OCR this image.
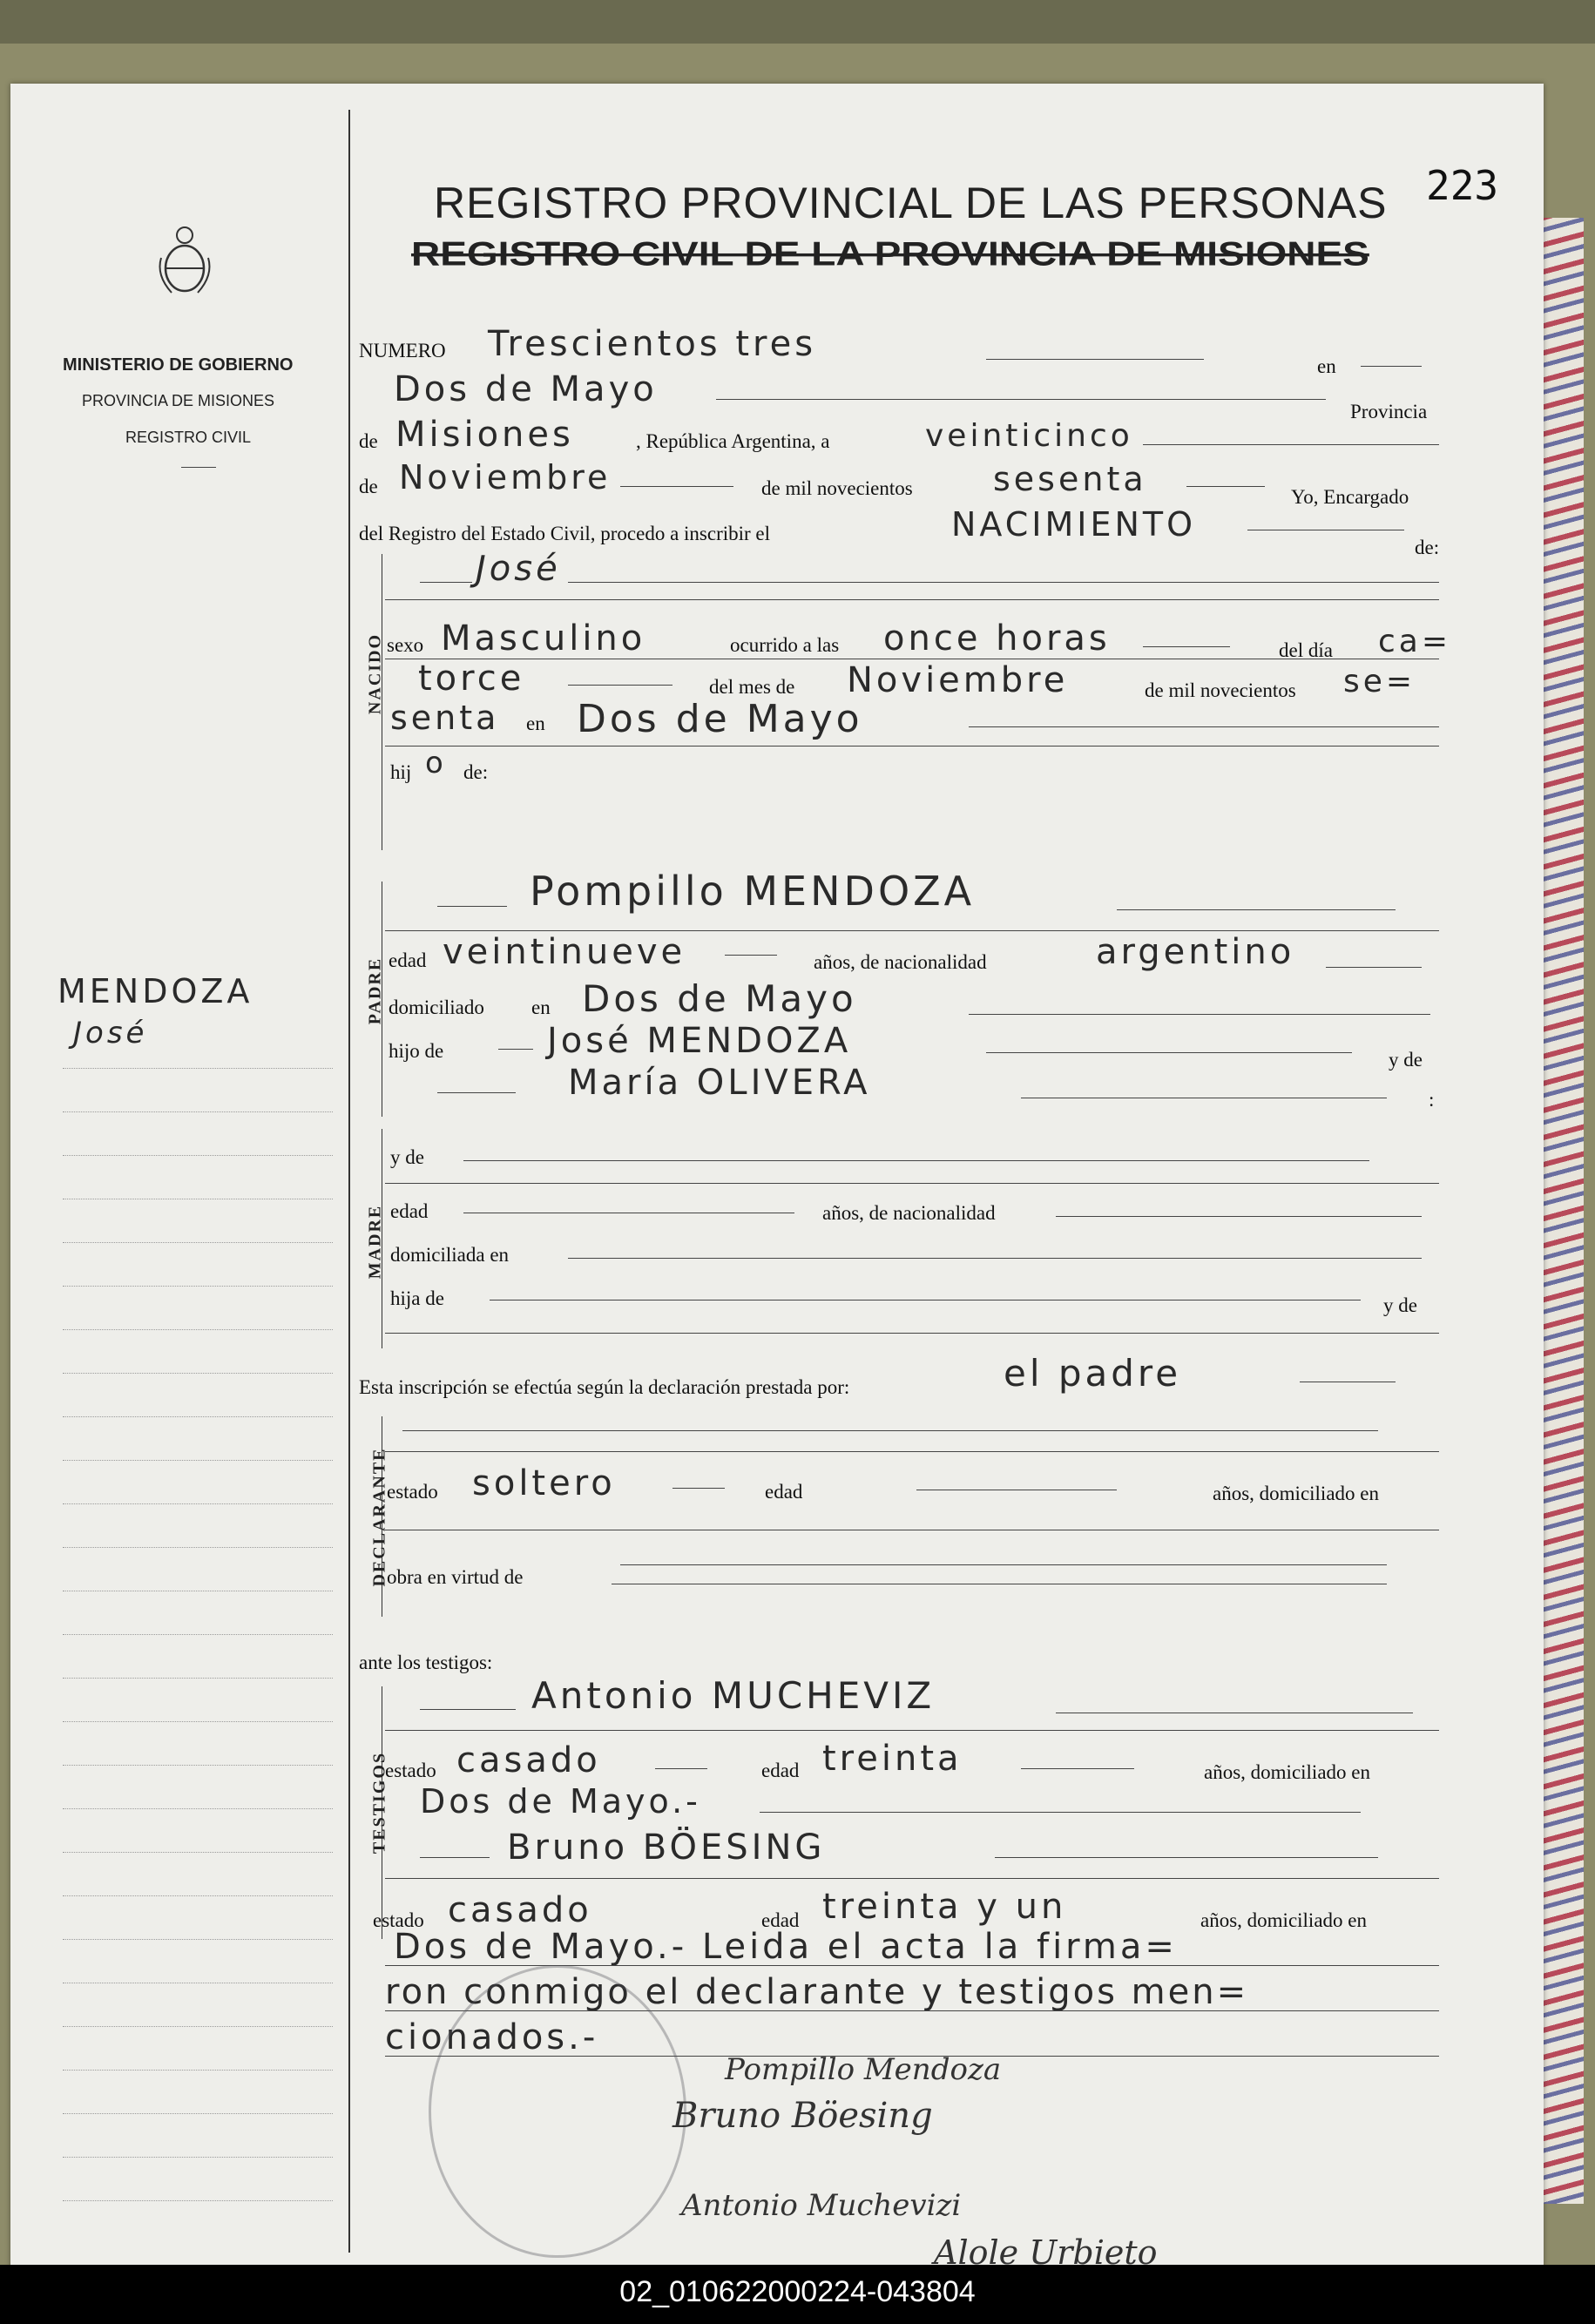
223
MINISTERIO DE GOBIERNO
PROVINCIA DE MISIONES
REGISTRO CIVIL
MENDOZA
José
REGISTRO PROVINCIAL DE LAS PERSONAS
REGISTRO CIVIL DE LA PROVINCIA DE MISIONES
NUMERO Trescientos tres
en
Dos de Mayo
Provincia
de Misiones	, República Argentina, a	veinticinco
de Noviembre	de mil novecientos sesenta	Yo, Encargado
del Registro del Estado Civil, procedo a inscribir el	NACIMIENTO
de:
NACIDO
José
sexo Masculino	ocurrido a las once horas	del día ca=
torce	del mes de Noviembre	de mil novecientos se=
senta en Dos de Mayo
hij o de:
PADRE
Pompillo MENDOZA
edad veintinueve	años, de nacionalidad	argentino
domiciliado en Dos de Mayo
hijo de	José MENDOZA	y de
María OLIVERA	:
MADRE
y de
edad	años, de nacionalidad
domiciliada en
hija de	y de
Esta inscripción se efectúa según la declaración prestada por:	el padre
DECLARANTE
estado soltero	edad	años, domiciliado en
obra en virtud de
ante los testigos:
TESTIGOS
Antonio MUCHEVIZ
estado casado	edad treinta	años, domiciliado en
Dos de Mayo.-
Bruno BÖESING
estado casado	edad treinta y un	años, domiciliado en
Dos de Mayo.- Leida el acta la firma=
ron conmigo el declarante y testigos men=
cionados.-
Pompillo Mendoza
Bruno Böesing
Antonio Muchevizi
Alole Urbieto
02_010622000224-043804
